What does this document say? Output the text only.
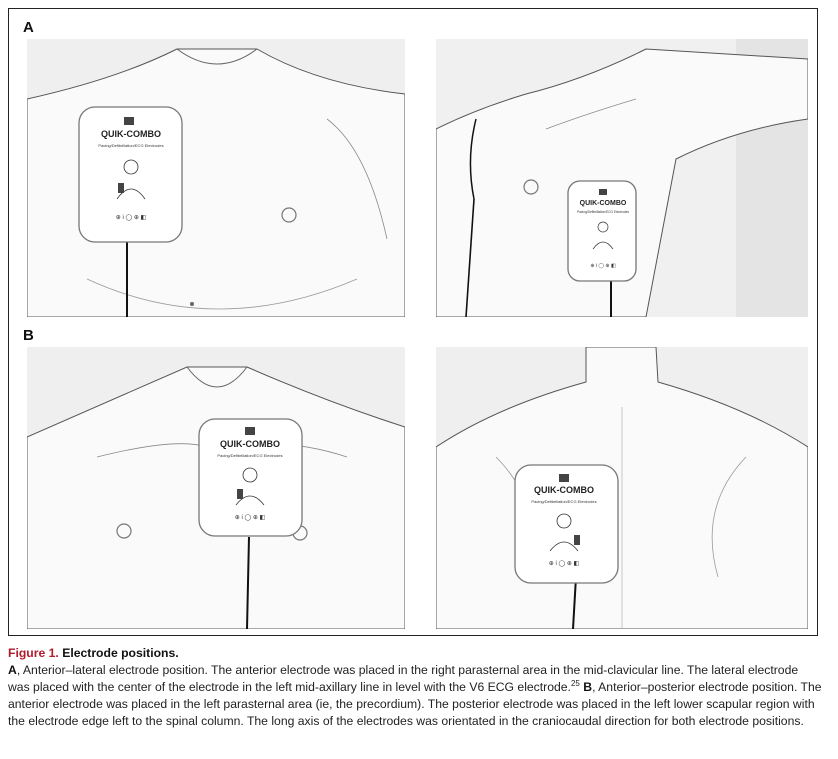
A
B
QUIK-COMBO
Pacing/Defibrillation/ECG Electrodes
⊕ i ◯ ⊕ ◧
QUIK-COMBO
Pacing/Defibrillation/ECG Electrodes
⊕ i ◯ ⊕ ◧
QUIK-COMBO
Pacing/Defibrillation/ECG Electrodes
⊕ i ◯ ⊕ ◧
QUIK-COMBO
Pacing/Defibrillation/ECG Electrodes
⊕ i ◯ ⊕ ◧

Figure 1. Electrode positions.

A, Anterior–lateral electrode position. The anterior electrode was placed in the right parasternal area in the mid-clavicular line. The lateral electrode was placed with the center of the electrode in the left mid-axillary line in level with the V6 ECG electrode.$^{25}$ B, Anterior–posterior electrode position. The anterior electrode was placed in the left parasternal area (ie, the precordium). The posterior electrode was placed in the left lower scapular region with the electrode edge left to the spinal column. The long axis of the electrodes was orientated in the craniocaudal direction for both electrode positions.
